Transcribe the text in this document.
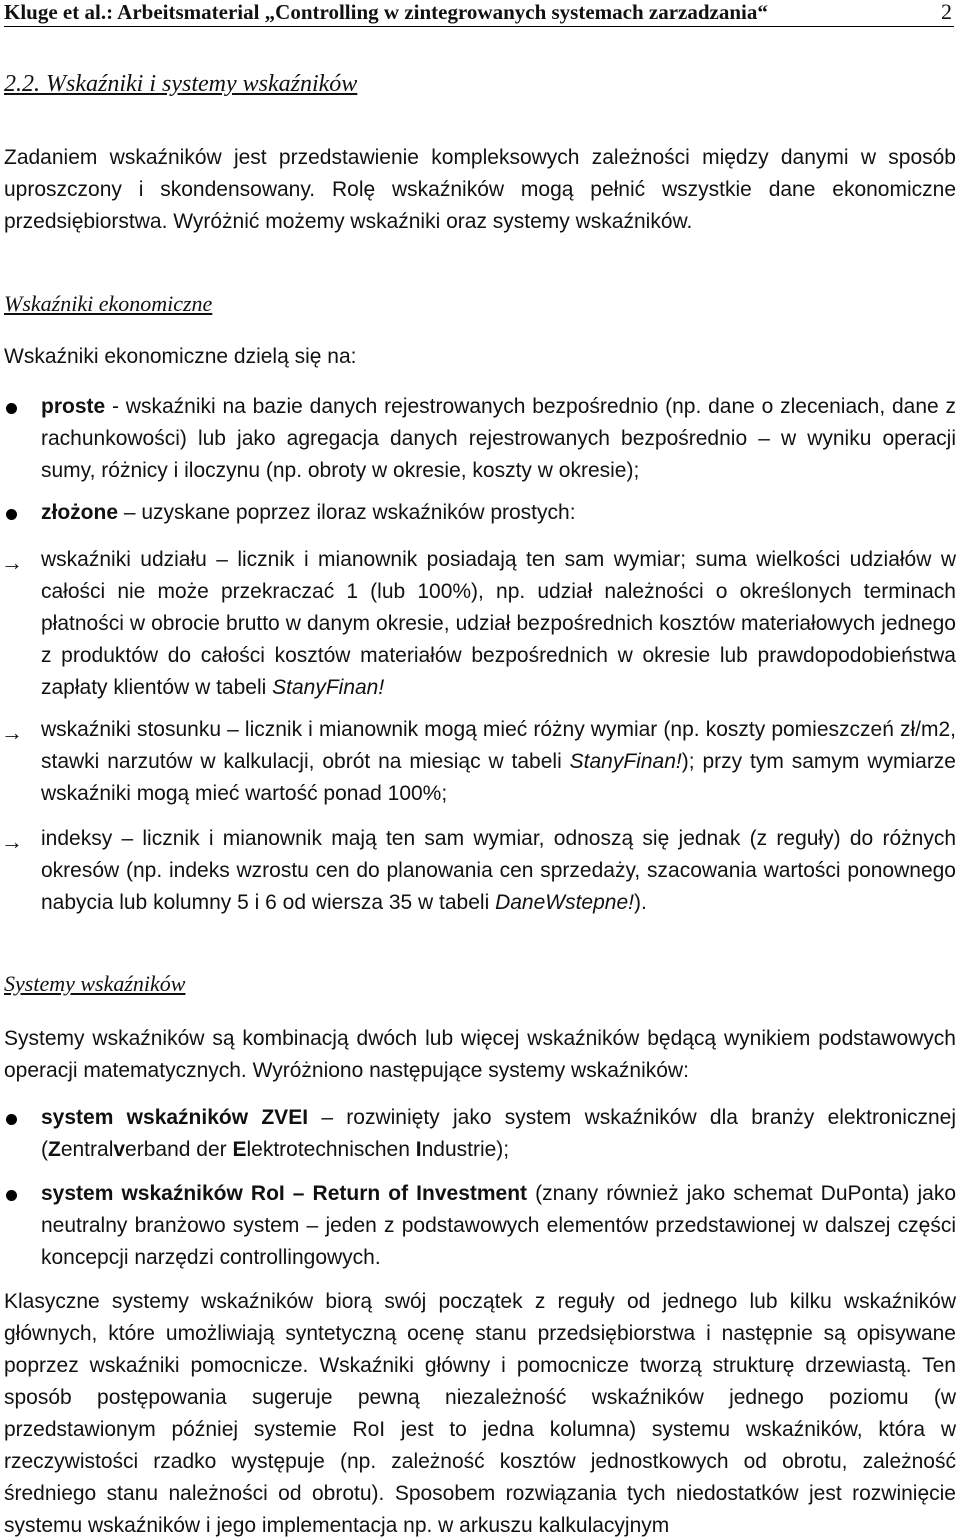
Kluge et al.: Arbeitsmaterial „Controlling w zintegrowanych systemach zarzadzania“	2
2.2. Wskaźniki i systemy wskaźników
Zadaniem wskaźników jest przedstawienie kompleksowych zależności między danymi w sposób uproszczony i skondensowany. Rolę wskaźników mogą pełnić wszystkie dane ekonomiczne przedsiębiorstwa. Wyróżnić możemy wskaźniki oraz systemy wskaźników.
Wskaźniki ekonomiczne
Wskaźniki ekonomiczne dzielą się na:
proste - wskaźniki na bazie danych rejestrowanych bezpośrednio (np. dane o zleceniach, dane z rachunkowości) lub jako agregacja danych rejestrowanych bezpośrednio – w wyniku operacji sumy, różnicy i iloczynu (np. obroty w okresie, koszty w okresie);
złożone – uzyskane poprzez iloraz wskaźników prostych:
→ wskaźniki udziału – licznik i mianownik posiadają ten sam wymiar; suma wielkości udziałów w całości nie może przekraczać 1 (lub 100%), np. udział należności o określonych terminach płatności w obrocie brutto w danym okresie, udział bezpośrednich kosztów materiałowych jednego z produktów do całości kosztów materiałów bezpośrednich w okresie lub prawdopodobieństwa zapłaty klientów w tabeli StanyFinan!
→ wskaźniki stosunku – licznik i mianownik mogą mieć różny wymiar (np. koszty pomieszczeń zł/m2, stawki narzutów w kalkulacji, obrót na miesiąc w tabeli StanyFinan!); przy tym samym wymiarze wskaźniki mogą mieć wartość ponad 100%;
→ indeksy – licznik i mianownik mają ten sam wymiar, odnoszą się jednak (z reguły) do różnych okresów (np. indeks wzrostu cen do planowania cen sprzedaży, szacowania wartości ponownego nabycia lub kolumny 5 i 6 od wiersza 35 w tabeli DaneWstepne!).
Systemy wskaźników
Systemy wskaźników są kombinacją dwóch lub więcej wskaźników będącą wynikiem podstawowych operacji matematycznych. Wyróżniono następujące systemy wskaźników:
system wskaźników ZVEI – rozwinięty jako system wskaźników dla branży elektronicznej (Zentralverband der Elektrotechnischen Industrie);
system wskaźników RoI – Return of Investment (znany również jako schemat DuPonta) jako neutralny branżowo system – jeden z podstawowych elementów przedstawionej w dalszej części koncepcji narzędzi controllingowych.
Klasyczne systemy wskaźników biorą swój początek z reguły od jednego lub kilku wskaźników głównych, które umożliwiają syntetyczną ocenę stanu przedsiębiorstwa i następnie są opisywane poprzez wskaźniki pomocnicze. Wskaźniki główny i pomocnicze tworzą strukturę drzewiastą. Ten sposób postępowania sugeruje pewną niezależność wskaźników jednego poziomu (w przedstawionym później systemie RoI jest to jedna kolumna) systemu wskaźników, która w rzeczywistości rzadko występuje (np. zależność kosztów jednostkowych od obrotu, zależność średniego stanu należności od obrotu). Sposobem rozwiązania tych niedostatków jest rozwinięcie systemu wskaźników i jego implementacja np. w arkuszu kalkulacyjnym
